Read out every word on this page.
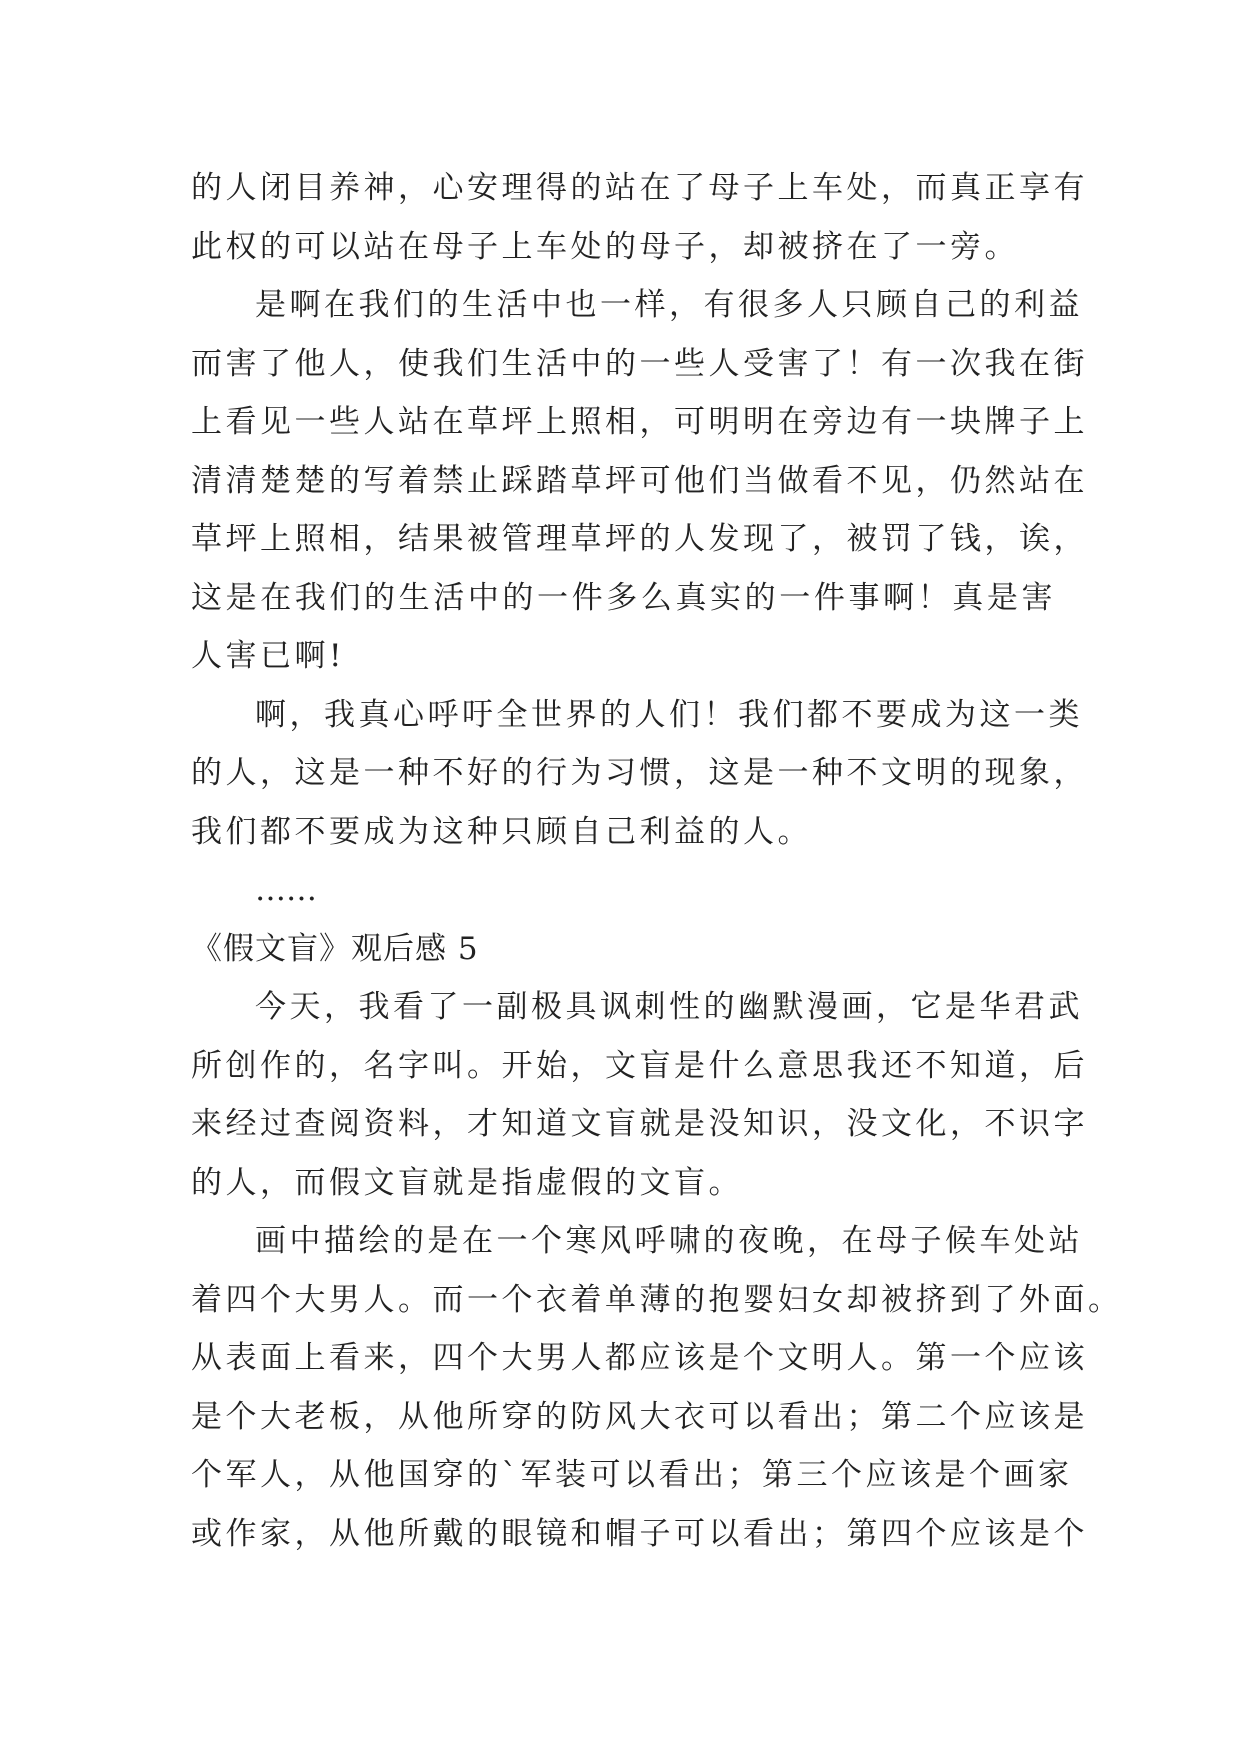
的人闭目养神，心安理得的站在了母子上车处，而真正享有
此权的可以站在母子上车处的母子，却被挤在了一旁。
是啊在我们的生活中也一样，有很多人只顾自己的利益
而害了他人，使我们生活中的一些人受害了！有一次我在街
上看见一些人站在草坪上照相，可明明在旁边有一块牌子上
清清楚楚的写着禁止踩踏草坪可他们当做看不见，仍然站在
草坪上照相，结果被管理草坪的人发现了，被罚了钱，诶，
这是在我们的生活中的一件多么真实的一件事啊！真是害
人害已啊!
啊，我真心呼吁全世界的人们！我们都不要成为这一类
的人，这是一种不好的行为习惯，这是一种不文明的现象，
我们都不要成为这种只顾自己利益的人。
……
《假文盲》观后感 5
今天，我看了一副极具讽刺性的幽默漫画，它是华君武
所创作的，名字叫。开始，文盲是什么意思我还不知道，后
来经过查阅资料，才知道文盲就是没知识，没文化，不识字
的人，而假文盲就是指虚假的文盲。
画中描绘的是在一个寒风呼啸的夜晚，在母子候车处站
着四个大男人。而一个衣着单薄的抱婴妇女却被挤到了外面。
从表面上看来，四个大男人都应该是个文明人。第一个应该
是个大老板，从他所穿的防风大衣可以看出；第二个应该是
个军人，从他国穿的`军装可以看出；第三个应该是个画家
或作家，从他所戴的眼镜和帽子可以看出；第四个应该是个
